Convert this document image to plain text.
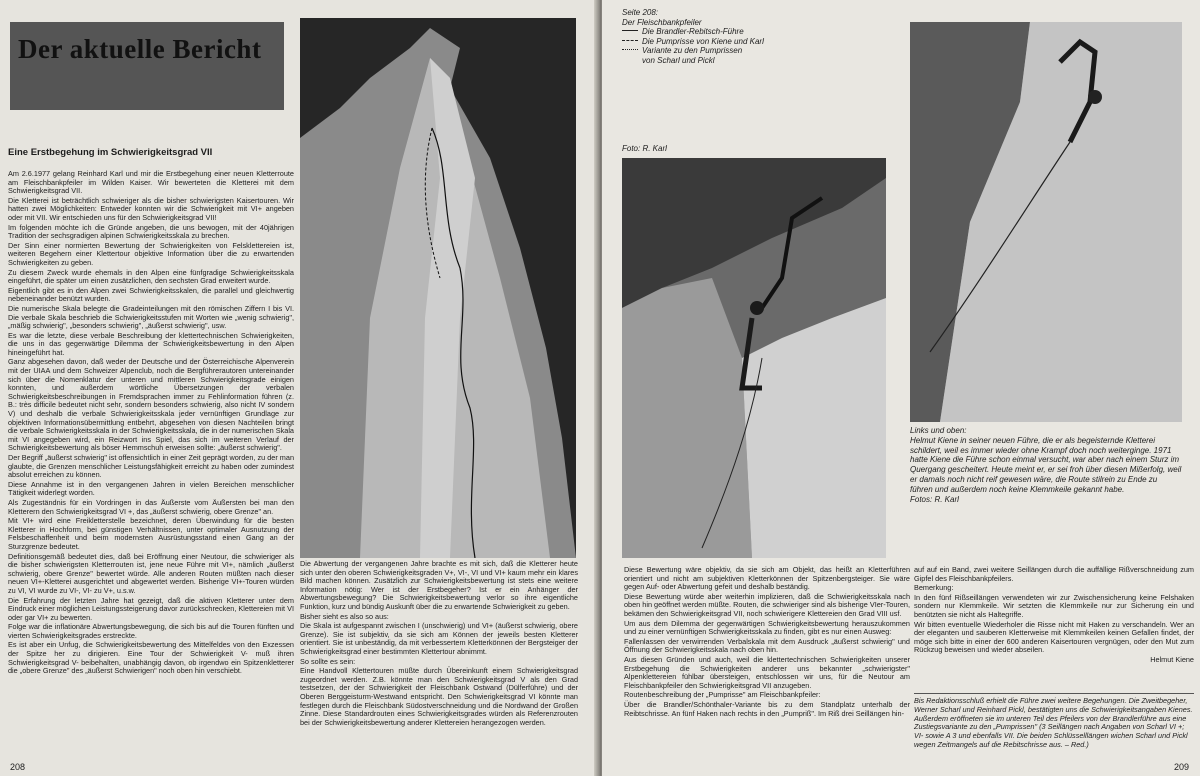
Der aktuelle Bericht
Eine Erstbegehung im Schwierigkeitsgrad VII

Am 2.6.1977 gelang Reinhard Karl und mir die Erstbegehung einer neuen Kletterroute am Fleischbankpfeiler im Wilden Kaiser. Wir bewerteten die Kletterei mit dem Schwierigkeitsgrad VII.

Die Kletterei ist beträchtlich schwieriger als die bisher schwierigsten Kaisertouren. Wir hatten zwei Möglichkeiten: Entweder konnten wir die Schwierigkeit mit VI+ angeben oder mit VII. Wir entschieden uns für den Schwierigkeitsgrad VII!

Im folgenden möchte ich die Gründe angeben, die uns bewogen, mit der 40jährigen Tradition der sechsgradigen alpinen Schwierigkeitsskala zu brechen.

Der Sinn einer normierten Bewertung der Schwierigkeiten von Felsklettereien ist, weiteren Begehern einer Klettertour objektive Information über die zu erwartenden Schwierigkeiten zu geben.

Zu diesem Zweck wurde ehemals in den Alpen eine fünfgradige Schwierigkeitsskala eingeführt, die später um einen zusätzlichen, den sechsten Grad erweitert wurde.

Eigentlich gibt es in den Alpen zwei Schwierigkeitsskalen, die parallel und gleichwertig nebeneinander benützt wurden.

Die numerische Skala belegte die Gradeinteilungen mit den römischen Ziffern I bis VI. Die verbale Skala beschrieb die Schwierigkeitsstufen mit Worten wie „wenig schwierig", „mäßig schwierig", „besonders schwierig", „äußerst schwierig", usw.

Es war die letzte, diese verbale Beschreibung der klettertechnischen Schwierigkeiten, die uns in das gegenwärtige Dilemma der Schwierigkeitsbewertung in den Alpen hineingeführt hat.

Ganz abgesehen davon, daß weder der Deutsche und der Österreichische Alpenverein mit der UIAA und dem Schweizer Alpenclub, noch die Bergführerautoren untereinander sich über die Nomenklatur der unteren und mittleren Schwierigkeitsgrade einigen konnten, und außerdem wörtliche Übersetzungen der verbalen Schwierigkeitsbeschreibungen in Fremdsprachen immer zu Fehlinformation führen (z. B.: très difficile bedeutet nicht sehr, sondern besonders schwierig, also nicht IV sondern V) und deshalb die verbale Schwierigkeitsskala jeder vernünftigen Grundlage zur objektiven Informationsübermittlung entbehrt, abgesehen von diesen Nachteilen bringt die verbale Schwierigkeitsskala in der Schwierigkeitsskala, die in der numerischen Skala mit VI angegeben wird, ein Reizwort ins Spiel, das sich im weiteren Verlauf der Schwierigkeitsbewertung als böser Hemmschuh erweisen sollte: „äußerst schwierig".

Der Begriff „äußerst schwierig" ist offensichtlich in einer Zeit geprägt worden, zu der man glaubte, die Grenzen menschlicher Leistungsfähigkeit erreicht zu haben oder zumindest absolut erreichen zu können.

Diese Annahme ist in den vergangenen Jahren in vielen Bereichen menschlicher Tätigkeit widerlegt worden.

Als Zugeständnis für ein Vordringen in das Äußerste vom Äußersten bei man den Kletterern den Schwierigkeitsgrad VI +, das „äußerst schwierig, obere Grenze" an.

Mit VI+ wird eine Freikletterstelle bezeichnet, deren Überwindung für die besten Kletterer in Hochform, bei günstigen Verhältnissen, unter optimaler Ausnutzung der Felsbeschaffenheit und beim modernsten Ausrüstungsstand einen Gang an der Sturzgrenze bedeutet.

Definitionsgemäß bedeutet dies, daß bei Eröffnung einer Neutour, die schwieriger als die bisher schwierigsten Kletterrouten ist, jene neue Führe mit VI+, nämlich „äußerst schwierig, obere Grenze" bewertet würde. Alle anderen Routen müßten nach dieser neuen VI+-Kletterei ausgerichtet und abgewertet werden. Bisherige VI+-Touren würden zu VI, VI wurde zu VI-, VI- zu V+, u.s.w.

Die Erfahrung der letzten Jahre hat gezeigt, daß die aktiven Kletterer unter dem Eindruck einer möglichen Leistungssteigerung davor zurückschrecken, Klettereien mit VI oder gar VI+ zu bewerten.

Folge war die inflationäre Abwertungsbewegung, die sich bis auf die Touren fünften und vierten Schwierigkeitsgrades erstreckte.

Es ist aber ein Unfug, die Schwierigkeitsbewertung des Mittelfeldes von den Exzessen der Spitze her zu dirigieren. Eine Tour der Schwierigkeit V- muß ihren Schwierigkeitsgrad V- beibehalten, unabhängig davon, ob irgendwo ein Spitzenkletterer die „obere Grenze" des „äußerst Schwierigen" noch oben hin verschiebt.

Die Abwertung der vergangenen Jahre brachte es mit sich, daß die Kletterer heute sich unter den oberen Schwierigkeitsgraden V+, VI-, VI und VI+ kaum mehr ein klares Bild machen können. Zusätzlich zur Schwierigkeitsbewertung ist stets eine weitere Information nötig: Wer ist der Erstbegeher? Ist er ein Anhänger der Abwertungsbewegung? Die Schwierigkeitsbewertung verlor so ihre eigentliche Funktion, kurz und bündig Auskunft über die zu erwartende Schwierigkeit zu geben.

Bisher sieht es also so aus:

Die Skala ist aufgespannt zwischen I (unschwierig) und VI+ (äußerst schwierig, obere Grenze). Sie ist subjektiv, da sie sich am Können der jeweils besten Kletterer orientiert. Sie ist unbeständig, da mit verbessertem Kletterkönnen der Bergsteiger der Schwierigkeitsgrad einer bestimmten Klettertour abnimmt.

So sollte es sein:

Eine Handvoll Klettertouren müßte durch Übereinkunft einem Schwierigkeitsgrad zugeordnet werden. Z.B. könnte man den Schwierigkeitsgrad V als den Grad testsetzen, der der Schwierigkeit der Fleischbank Ostwand (Dülferführe) und der Oberen Berggeisturm-Westwand entspricht. Den Schwierigkeitsgrad VI könnte man festlegen durch die Fleischbank Südostverschneidung und die Nordwand der Großen Zinne. Diese Standardrouten eines Schwierigkeitsgrades würden als Referenzrouten bei der Schwierigkeitsbewertung anderer Klettereien herangezogen werden.

208
Seite 208:
Der Fleischbankpfeiler
Die Brandler-Rebitsch-Führe
Die Pumprisse von Kiene und Karl
Variante zu den Pumprissen
von Scharl und Pickl
Foto: R. Karl
Links und oben:
Helmut Kiene in seiner neuen Führe, die er als begeisternde Kletterei schildert, weil es immer wieder ohne Krampf doch noch weiterginge. 1971 hatte Kiene die Führe schon einmal versucht, war aber nach einem Sturz im Quergang gescheitert. Heute meint er, er sei froh über diesen Mißerfolg, weil er damals noch nicht reif gewesen wäre, die Route stilrein zu Ende zu führen und außerdem noch keine Klemmkeile gekannt habe.
Fotos: R. Karl

Diese Bewertung wäre objektiv, da sie sich am Objekt, das heißt an Kletterführen orientiert und nicht am subjektiven Kletterkönnen der Spitzenbergsteiger. Sie wäre gegen Auf- oder Abwertung gefeit und deshalb beständig.

Diese Bewertung würde aber weiterhin implizieren, daß die Schwierigkeitsskala nach oben hin geöffnet werden müßte. Routen, die schwieriger sind als bisherige VIer-Touren, bekämen den Schwierigkeitsgrad VII, noch schwierigere Klettereien den Grad VIII usf.

Um aus dem Dilemma der gegenwärtigen Schwierigkeitsbewertung herauszukommen und zu einer vernünftigen Schwierigkeitsskala zu finden, gibt es nur einen Ausweg:

Fallenlassen der verwirrenden Verbalskala mit dem Ausdruck „äußerst schwierig" und Öffnung der Schwierigkeitsskala nach oben hin.

Aus diesen Gründen und auch, weil die klettertechnischen Schwierigkeiten unserer Erstbegehung die Schwierigkeiten anderer uns bekannter „schwierigster" Alpenklettereien fühlbar übersteigen, entschlossen wir uns, für die Neutour am Fleischbankpfeiler den Schwierigkeitsgrad VII anzugeben.

Routenbeschreibung der „Pumprisse" am Fleischbankpfeiler:

Über die Brandler/Schönthaler-Variante bis zu dem Standplatz unterhalb der Reibtschrisse. An fünf Haken nach rechts in den „Pumpriß". Im Riß drei Seillängen hin-

auf auf ein Band, zwei weitere Seillängen durch die auffällige Rißverschneidung zum Gipfel des Fleischbankpfeilers.

Bemerkung:

In den fünf Rißseillängen verwendeten wir zur Zwischensicherung keine Felshaken sondern nur Klemmkeile. Wir setzten die Klemmkeile nur zur Sicherung ein und benützten sie nicht als Haltegriffe.

Wir bitten eventuelle Wiederholer die Risse nicht mit Haken zu verschandeln. Wer an der eleganten und sauberen Kletterweise mit Klemmkeilen keinen Gefallen findet, der möge sich bitte in einer der 600 anderen Kaisertouren vergnügen, oder den Mut zum Rückzug beweisen und wieder abseilen.

Helmut Kiene
Bis Redaktionsschluß erhielt die Führe zwei weitere Begehungen. Die Zweitbegeher, Werner Scharl und Reinhard Pickl, bestätigten uns die Schwierigkeitsangaben Kienes. Außerdem eröffneten sie im unteren Teil des Pfeilers von der Brandlerführe aus eine Zustiegsvariante zu den „Pumprissen" (3 Seillängen nach Angaben von Scharl VI +; VI- sowie A 3 und ebenfalls VII. Die beiden Schlüsselllängen wichen Scharl und Pickl wegen Zeitmangels auf die Rebitschrisse aus. – Red.)
209
